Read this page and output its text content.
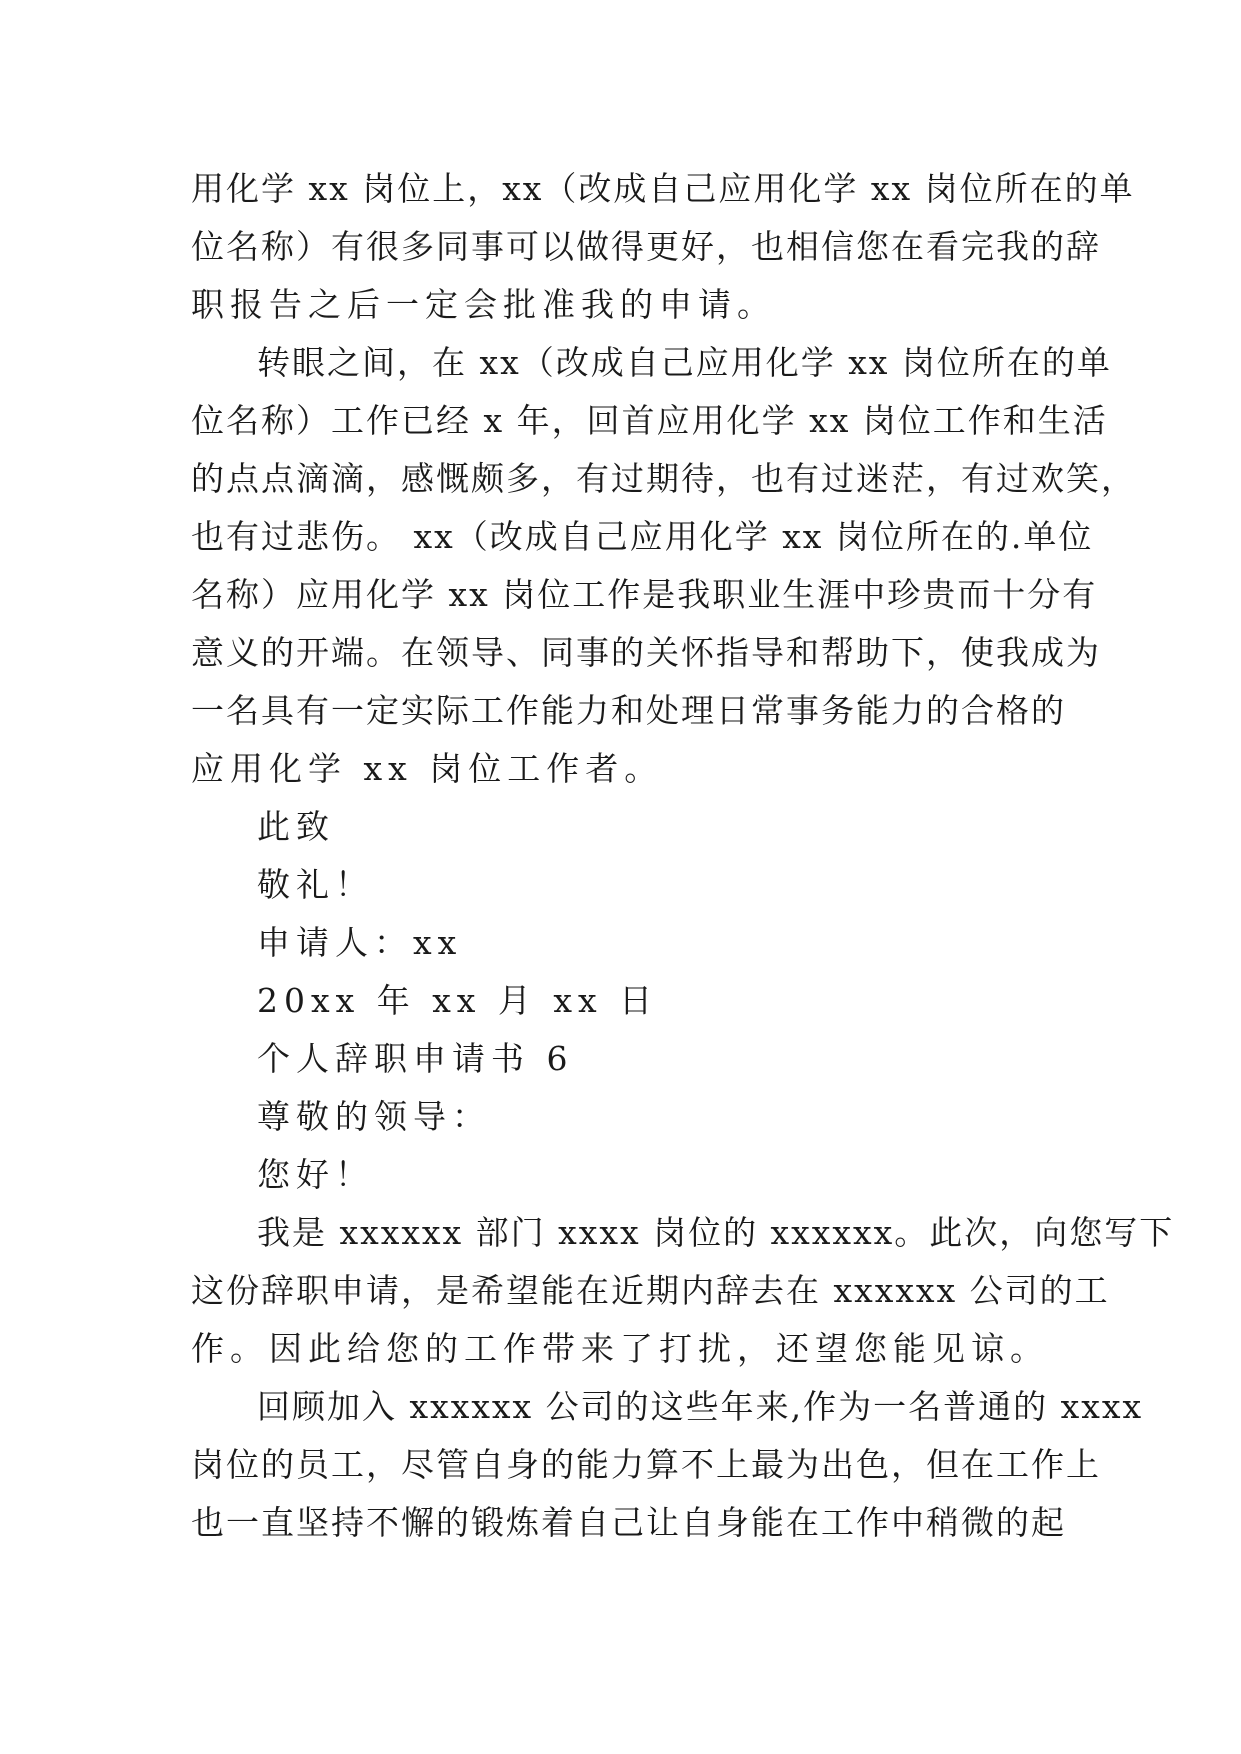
用化学 xx 岗位上，xx（改成自己应用化学 xx 岗位所在的单
位名称）有很多同事可以做得更好，也相信您在看完我的辞
职报告之后一定会批准我的申请。
转眼之间，在 xx（改成自己应用化学 xx 岗位所在的单
位名称）工作已经 x 年，回首应用化学 xx 岗位工作和生活
的点点滴滴，感慨颇多，有过期待，也有过迷茫，有过欢笑，
也有过悲伤。 xx（改成自己应用化学 xx 岗位所在的.单位
名称）应用化学 xx 岗位工作是我职业生涯中珍贵而十分有
意义的开端。在领导、同事的关怀指导和帮助下，使我成为
一名具有一定实际工作能力和处理日常事务能力的合格的
应用化学 xx 岗位工作者。
此致
敬礼！
申请人：xx
20xx 年 xx 月 xx 日
个人辞职申请书 6
尊敬的领导：
您好！
我是 xxxxxx 部门 xxxx 岗位的 xxxxxx。此次，向您写下
这份辞职申请，是希望能在近期内辞去在 xxxxxx 公司的工
作。因此给您的工作带来了打扰，还望您能见谅。
回顾加入 xxxxxx 公司的这些年来,作为一名普通的 xxxx
岗位的员工，尽管自身的能力算不上最为出色，但在工作上
也一直坚持不懈的锻炼着自己让自身能在工作中稍微的起
